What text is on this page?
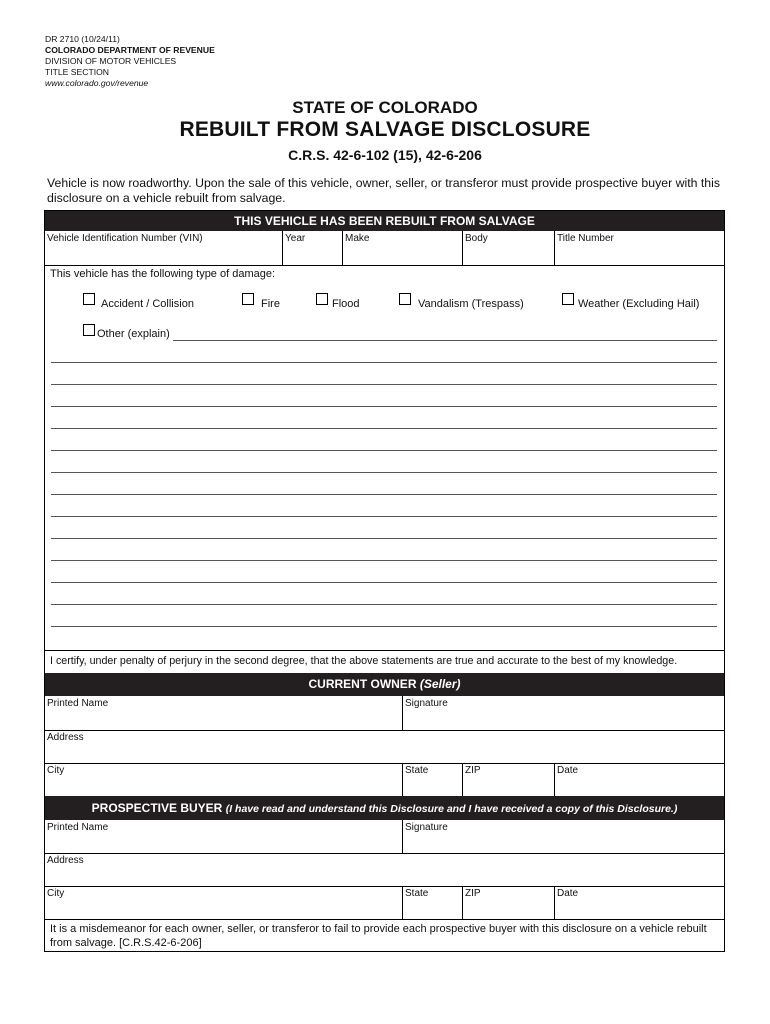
DR 2710 (10/24/11)
COLORADO DEPARTMENT OF REVENUE
DIVISION OF MOTOR VEHICLES
TITLE SECTION
www.colorado.gov/revenue
STATE OF COLORADO
REBUILT FROM SALVAGE DISCLOSURE
C.R.S. 42-6-102 (15), 42-6-206
Vehicle is now roadworthy. Upon the sale of this vehicle, owner, seller, or transferor must provide prospective buyer with this disclosure on a vehicle rebuilt from salvage.
THIS VEHICLE HAS BEEN REBUILT FROM SALVAGE
Vehicle Identification Number (VIN)	Year	Make	Body	Title Number
This vehicle has the following type of damage:
Accident / Collision	Fire	Flood	Vandalism (Trespass)	Weather (Excluding Hail)
Other (explain)
I certify, under penalty of perjury in the second degree, that the above statements are true and accurate to the best of my knowledge.
CURRENT OWNER (Seller)
Printed Name	Signature
Address
City	State	ZIP	Date
PROSPECTIVE BUYER (I have read and understand this Disclosure and I have received a copy of this Disclosure.)
Printed Name	Signature
Address
City	State	ZIP	Date
It is a misdemeanor for each owner, seller, or transferor to fail to provide each prospective buyer with this disclosure on a vehicle rebuilt from salvage. [C.R.S.42-6-206]
